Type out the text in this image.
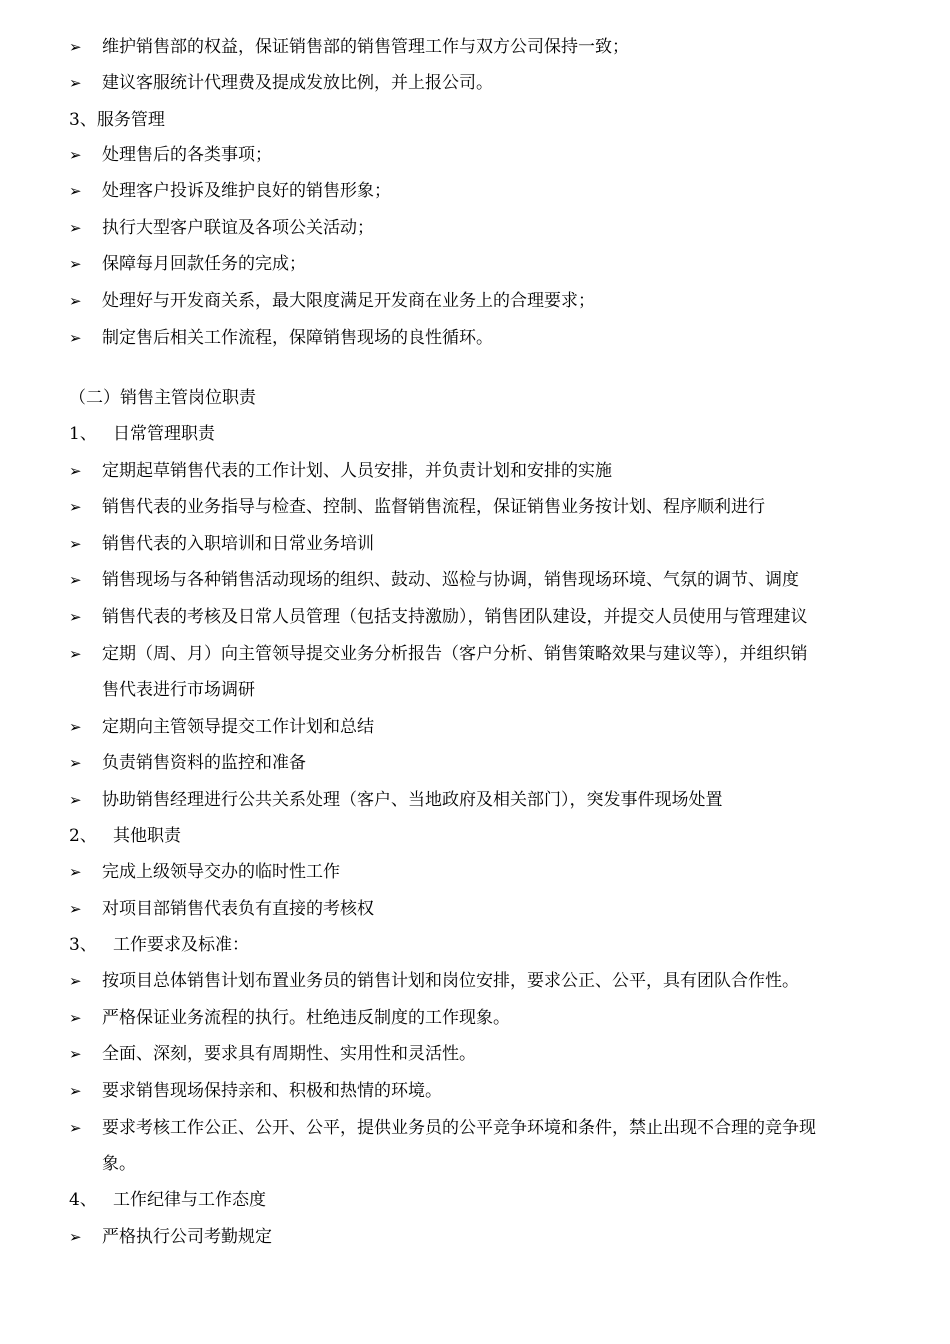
➢ 维护销售部的权益，保证销售部的销售管理工作与双方公司保持一致；
➢ 建议客服统计代理费及提成发放比例，并上报公司。
3、服务管理
➢ 处理售后的各类事项；
➢ 处理客户投诉及维护良好的销售形象；
➢ 执行大型客户联谊及各项公关活动；
➢ 保障每月回款任务的完成；
➢ 处理好与开发商关系，最大限度满足开发商在业务上的合理要求；
➢ 制定售后相关工作流程，保障销售现场的良性循环。
（二）销售主管岗位职责
1、 日常管理职责
➢ 定期起草销售代表的工作计划、人员安排，并负责计划和安排的实施
➢ 销售代表的业务指导与检查、控制、监督销售流程，保证销售业务按计划、程序顺利进行
➢ 销售代表的入职培训和日常业务培训
➢ 销售现场与各种销售活动现场的组织、鼓动、巡检与协调，销售现场环境、气氛的调节、调度
➢ 销售代表的考核及日常人员管理（包括支持激励），销售团队建设，并提交人员使用与管理建议
➢ 定期（周、月）向主管领导提交业务分析报告（客户分析、销售策略效果与建议等），并组织销
售代表进行市场调研
➢ 定期向主管领导提交工作计划和总结
➢ 负责销售资料的监控和准备
➢ 协助销售经理进行公共关系处理（客户、当地政府及相关部门），突发事件现场处置
2、 其他职责
➢ 完成上级领导交办的临时性工作
➢ 对项目部销售代表负有直接的考核权
3、 工作要求及标准：
➢ 按项目总体销售计划布置业务员的销售计划和岗位安排，要求公正、公平，具有团队合作性。
➢ 严格保证业务流程的执行。杜绝违反制度的工作现象。
➢ 全面、深刻，要求具有周期性、实用性和灵活性。
➢ 要求销售现场保持亲和、积极和热情的环境。
➢ 要求考核工作公正、公开、公平，提供业务员的公平竞争环境和条件，禁止出现不合理的竞争现
象。
4、 工作纪律与工作态度
➢ 严格执行公司考勤规定
